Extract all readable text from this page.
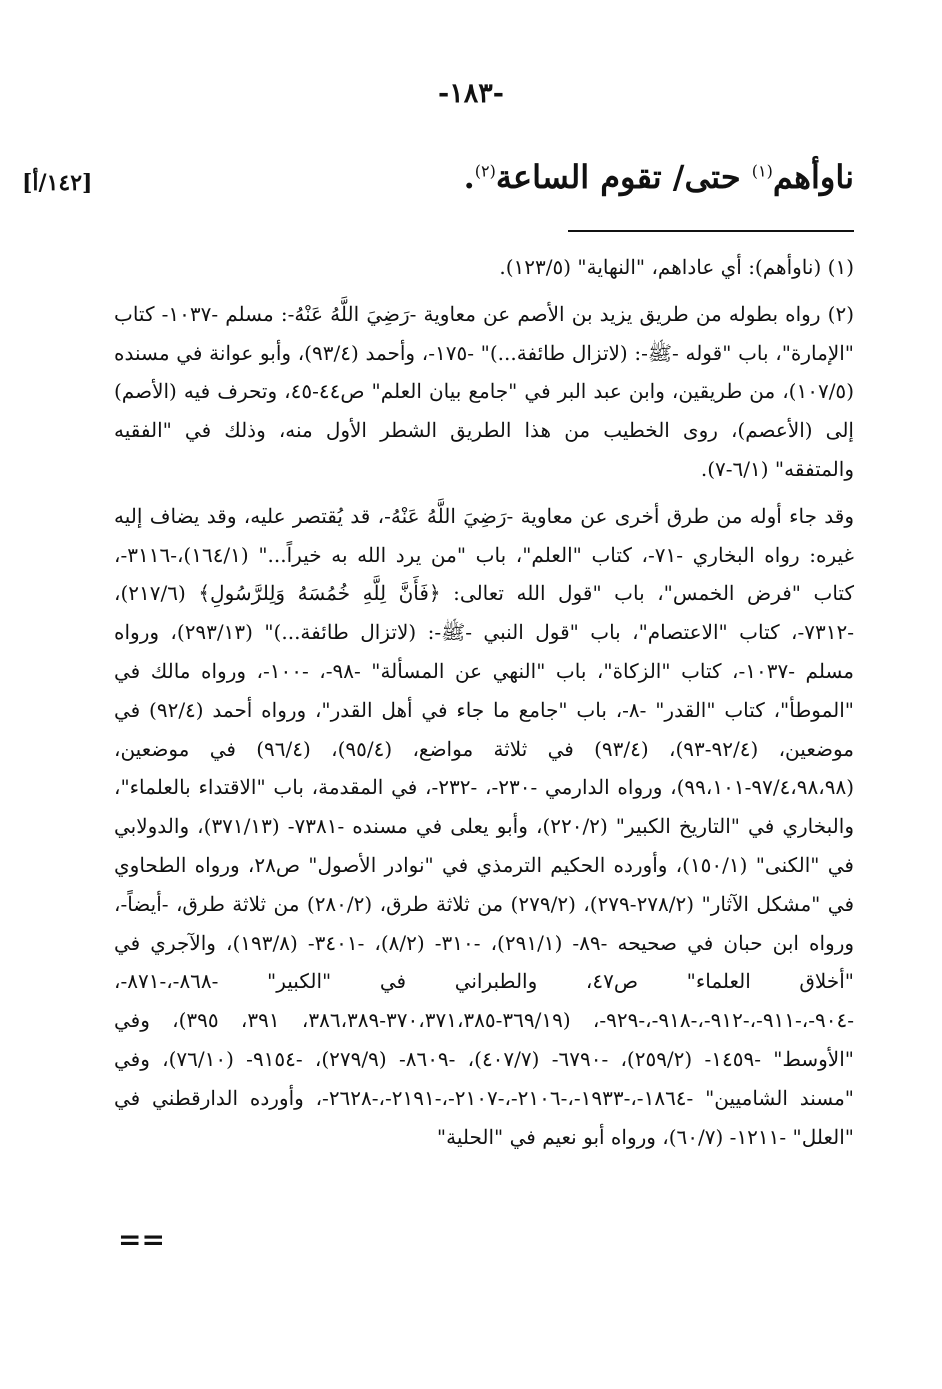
-١٨٣-
ناوأهم$^{(١)}$ حتى/ تقوم الساعة$^{(٢)}$.
[١٤٢/أ]

(١) (ناوأهم): أي عاداهم، "النهاية" (١٢٣/٥).

(٢) رواه بطوله من طريق يزيد بن الأصم عن معاوية -رَضِيَ اللَّهُ عَنْهُ-: مسلم -١٠٣٧- كتاب "الإمارة"، باب "قوله -ﷺ-: (لاتزال طائفة...)" -١٧٥-، وأحمد (٩٣/٤)، وأبو عوانة في مسنده (١٠٧/٥)، من طريقين، وابن عبد البر في "جامع بيان العلم" ص٤٤-٤٥، وتحرف فيه (الأصم) إلى (الأعصم)، روى الخطيب من هذا الطريق الشطر الأول منه، وذلك في "الفقيه والمتفقه" (٦/١-٧).

وقد جاء أوله من طرق أخرى عن معاوية -رَضِيَ اللَّهُ عَنْهُ-، قد يُقتصر عليه، وقد يضاف إليه غيره: رواه البخاري -٧١-، كتاب "العلم"، باب "من يرد الله به خيراً..." (١٦٤/١)،-٣١١٦-، كتاب "فرض الخمس"، باب "قول الله تعالى: ﴿فَأَنَّ لِلَّهِ خُمُسَهُ وَلِلرَّسُولِ﴾ (٢١٧/٦)، -٧٣١٢-، كتاب "الاعتصام"، باب "قول النبي -ﷺ-: (لاتزال طائفة...)" (٢٩٣/١٣)، ورواه مسلم -١٠٣٧-، كتاب "الزكاة"، باب "النهي عن المسألة" -٩٨-، -١٠٠-، ورواه مالك في "الموطأ"، كتاب "القدر" -٨-، باب "جامع ما جاء في أهل القدر"، ورواه أحمد (٩٢/٤) في موضعين، (٩٢/٤-٩٣)، (٩٣/٤) في ثلاثة مواضع، (٩٥/٤)، (٩٦/٤) في موضعين، (٩٧/٤،٩٨،٩٨-٩٩،١٠١)، ورواه الدارمي -٢٣٠-، -٢٣٢-، في المقدمة، باب "الاقتداء بالعلماء"، والبخاري في "التاريخ الكبير" (٢٢٠/٢)، وأبو يعلى في مسنده -٧٣٨١- (٣٧١/١٣)، والدولابي في "الكنى" (١٥٠/١)، وأورده الحكيم الترمذي في "نوادر الأصول" ص٢٨، ورواه الطحاوي في "مشكل الآثار" (٢٧٨/٢-٢٧٩)، (٢٧٩/٢) من ثلاثة طرق، (٢٨٠/٢) من ثلاثة طرق، -أيضاً-، ورواه ابن حبان في صحيحه -٨٩- (٢٩١/١)، -٣١٠- (٨/٢)، -٣٤٠١- (١٩٣/٨)، والآجري في "أخلاق العلماء" ص٤٧، والطبراني في "الكبير" -٨٦٨-،-٨٧١-، -٩٠٤-،-٩١١-،-٩١٢-،-٩١٨-،-٩٢٩-، (٣٦٩/١٩-٣٧٠،٣٧١،٣٨٥-٣٨٦،٣٨٩، ٣٩١، ٣٩٥)، وفي "الأوسط" -١٤٥٩- (٢٥٩/٢)، -٦٧٩٠- (٤٠٧/٧)، -٨٦٠٩- (٢٧٩/٩)، -٩١٥٤- (٧٦/١٠)، وفي "مسند الشاميين" -١٨٦٤-،-١٩٣٣-،-٢١٠٦-،-٢١٠٧-،-٢١٩١-،-٢٦٢٨-، وأورده الدارقطني في "العلل" -١٢١١- (٦٠/٧)، ورواه أبو نعيم في "الحلية"

==
